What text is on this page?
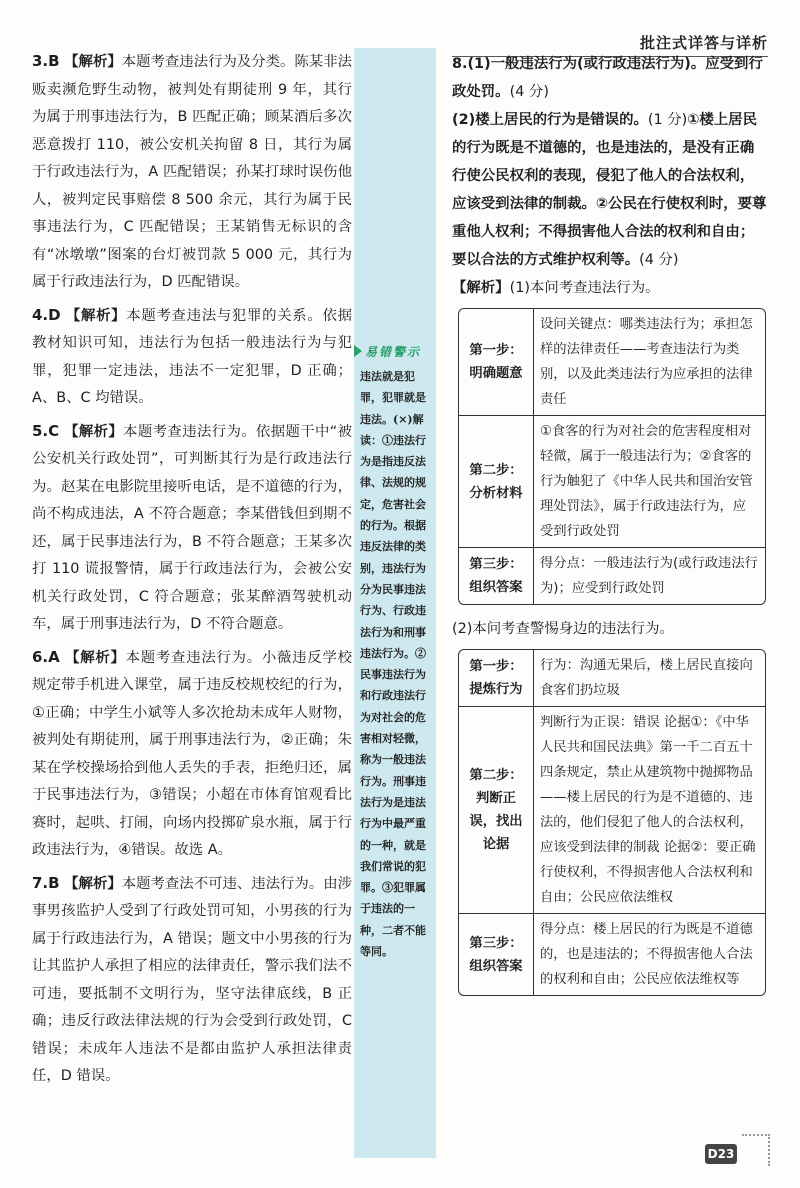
批注式详答与详析

3.B 【解析】本题考查违法行为及分类。陈某非法贩卖濒危野生动物，被判处有期徒刑 9 年，其行为属于刑事违法行为，B 匹配正确；顾某酒后多次恶意拨打 110，被公安机关拘留 8 日，其行为属于行政违法行为，A 匹配错误；孙某打球时误伤他人，被判定民事赔偿 8 500 余元，其行为属于民事违法行为，C 匹配错误；王某销售无标识的含有“冰墩墩”图案的台灯被罚款 5 000 元，其行为属于行政违法行为，D 匹配错误。

4.D 【解析】本题考查违法与犯罪的关系。依据教材知识可知，违法行为包括一般违法行为与犯罪，犯罪一定违法，违法不一定犯罪，D 正确；A、B、C 均错误。

5.C 【解析】本题考查违法行为。依据题干中“被公安机关行政处罚”，可判断其行为是行政违法行为。赵某在电影院里接听电话，是不道德的行为，尚不构成违法，A 不符合题意；李某借钱但到期不还，属于民事违法行为，B 不符合题意；王某多次打 110 谎报警情，属于行政违法行为，会被公安机关行政处罚，C 符合题意；张某醉酒驾驶机动车，属于刑事违法行为，D 不符合题意。

6.A 【解析】本题考查违法行为。小薇违反学校规定带手机进入课堂，属于违反校规校纪的行为，①正确；中学生小斌等人多次抢劫未成年人财物，被判处有期徒刑，属于刑事违法行为，②正确；朱某在学校操场拾到他人丢失的手表，拒绝归还，属于民事违法行为，③错误；小超在市体育馆观看比赛时，起哄、打闹，向场内投掷矿泉水瓶，属于行政违法行为，④错误。故选 A。

7.B 【解析】本题考查法不可违、违法行为。由涉事男孩监护人受到了行政处罚可知，小男孩的行为属于行政违法行为，A 错误；题文中小男孩的行为让其监护人承担了相应的法律责任，警示我们法不可违，要抵制不文明行为，坚守法律底线，B 正确；违反行政法律法规的行为会受到行政处罚，C 错误；未成年人违法不是都由监护人承担法律责任，D 错误。

易错警示
违法就是犯罪，犯罪就是违法。(×)解读：①违法行为是指违反法律、法规的规定，危害社会的行为。根据违反法律的类别，违法行为分为民事违法行为、行政违法行为和刑事违法行为。②民事违法行为和行政违法行为对社会的危害相对轻微，称为一般违法行为。刑事违法行为是违法行为中最严重的一种，就是我们常说的犯罪。③犯罪属于违法的一种，二者不能等同。

8.(1)一般违法行为(或行政违法行为)。应受到行政处罚。(4 分)

(2)楼上居民的行为是错误的。(1 分)①楼上居民的行为既是不道德的，也是违法的，是没有正确行使公民权利的表现，侵犯了他人的合法权利，应该受到法律的制裁。②公民在行使权利时，要尊重他人权利；不得损害他人合法的权利和自由；要以合法的方式维护权利等。(4 分)

【解析】(1)本问考查违法行为。

第一步：明确题意	设问关键点：哪类违法行为；承担怎样的法律责任——考查违法行为类别，以及此类违法行为应承担的法律责任
第二步：分析材料	①食客的行为对社会的危害程度相对轻微，属于一般违法行为；②食客的行为触犯了《中华人民共和国治安管理处罚法》，属于行政违法行为，应受到行政处罚
第三步：组织答案	得分点：一般违法行为(或行政违法行为)；应受到行政处罚

(2)本问考查警惕身边的违法行为。

第一步：提炼行为	行为：沟通无果后，楼上居民直接向食客们扔垃圾
第二步：判断正误，找出论据	判断行为正误：错误 论据①：《中华人民共和国民法典》第一千二百五十四条规定，禁止从建筑物中抛掷物品——楼上居民的行为是不道德的、违法的，他们侵犯了他人的合法权利，应该受到法律的制裁 论据②：要正确行使权利，不得损害他人合法权利和自由；公民应依法维权
第三步：组织答案	得分点：楼上居民的行为既是不道德的，也是违法的；不得损害他人合法的权利和自由；公民应依法维权等
D23
